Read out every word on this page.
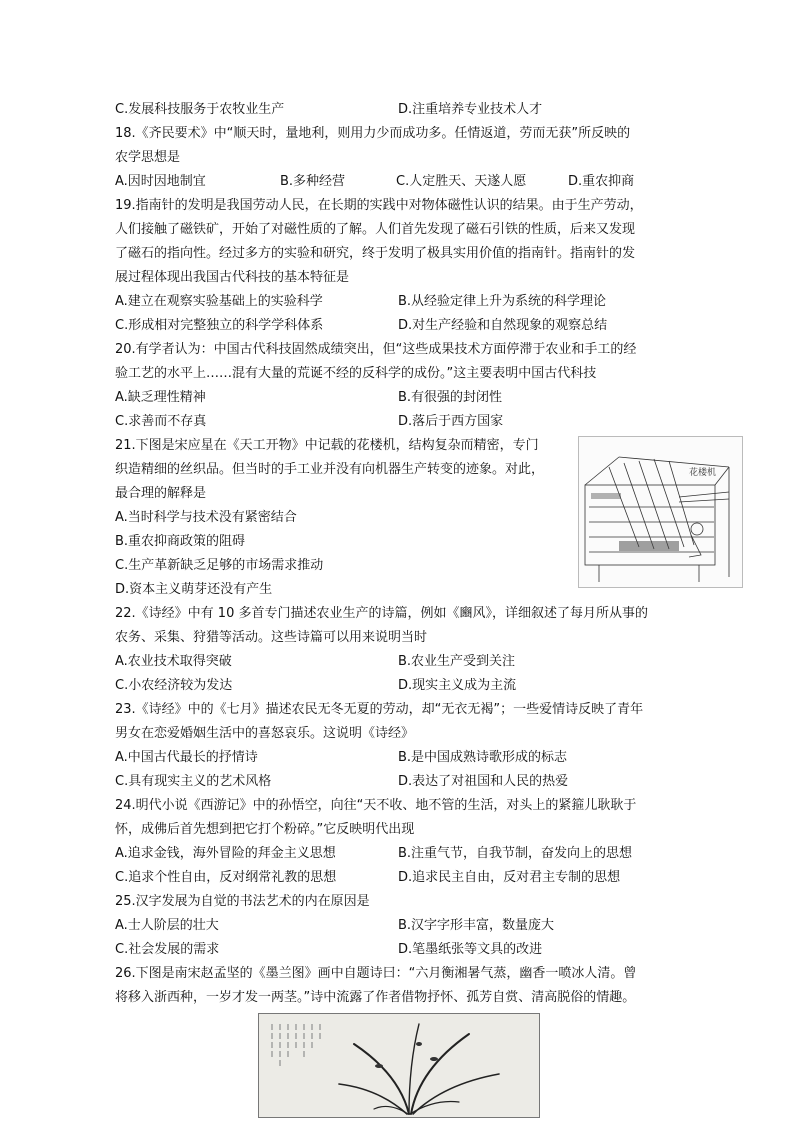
C.发展科技服务于农牧业生产	D.注重培养专业技术人才
18.《齐民要术》中“顺天时，量地利，则用力少而成功多。任情返道，劳而无获”所反映的
农学思想是
A.因时因地制宜	B.多种经营	C.人定胜天、天遂人愿	D.重农抑商
19.指南针的发明是我国劳动人民，在长期的实践中对物体磁性认识的结果。由于生产劳动，
人们接触了磁铁矿，开始了对磁性质的了解。人们首先发现了磁石引铁的性质，后来又发现
了磁石的指向性。经过多方的实验和研究，终于发明了极具实用价值的指南针。指南针的发
展过程体现出我国古代科技的基本特征是
A.建立在观察实验基础上的实验科学	B.从经验定律上升为系统的科学理论
C.形成相对完整独立的科学学科体系	D.对生产经验和自然现象的观察总结
20.有学者认为：中国古代科技固然成绩突出，但“这些成果技术方面停滞于农业和手工的经
验工艺的水平上……混有大量的荒诞不经的反科学的成份。”这主要表明中国古代科技
A.缺乏理性精神	B.有很强的封闭性
C.求善而不存真	D.落后于西方国家
21.下图是宋应星在《天工开物》中记载的花楼机，结构复杂而精密，专门
织造精细的丝织品。但当时的手工业并没有向机器生产转变的迹象。对此，
最合理的解释是
A.当时科学与技术没有紧密结合
B.重农抑商政策的阻碍
C.生产革新缺乏足够的市场需求推动
D.资本主义萌芽还没有产生
花楼机
22.《诗经》中有 10 多首专门描述农业生产的诗篇，例如《豳风》，详细叙述了每月所从事的
农务、采集、狩猎等活动。这些诗篇可以用来说明当时
A.农业技术取得突破	B.农业生产受到关注
C.小农经济较为发达	D.现实主义成为主流
23.《诗经》中的《七月》描述农民无冬无夏的劳动，却“无衣无褐”；一些爱情诗反映了青年
男女在恋爱婚姻生活中的喜怒哀乐。这说明《诗经》
A.中国古代最长的抒情诗	B.是中国成熟诗歌形成的标志
C.具有现实主义的艺术风格	D.表达了对祖国和人民的热爱
24.明代小说《西游记》中的孙悟空，向往“天不收、地不管的生活，对头上的紧箍儿耿耿于
怀，成佛后首先想到把它打个粉碎。”它反映明代出现
A.追求金钱，海外冒险的拜金主义思想	B.注重气节，自我节制，奋发向上的思想
C.追求个性自由，反对纲常礼教的思想	D.追求民主自由，反对君主专制的思想
25.汉字发展为自觉的书法艺术的内在原因是
A.士人阶层的壮大	B.汉字字形丰富，数量庞大
C.社会发展的需求	D.笔墨纸张等文具的改进
26.下图是南宋赵孟坚的《墨兰图》画中自题诗曰：“六月衡湘暑气蒸，幽香一喷冰人清。曾
将移入浙西种，一岁才发一两茎。”诗中流露了作者借物抒怀、孤芳自赏、清高脱俗的情趣。
